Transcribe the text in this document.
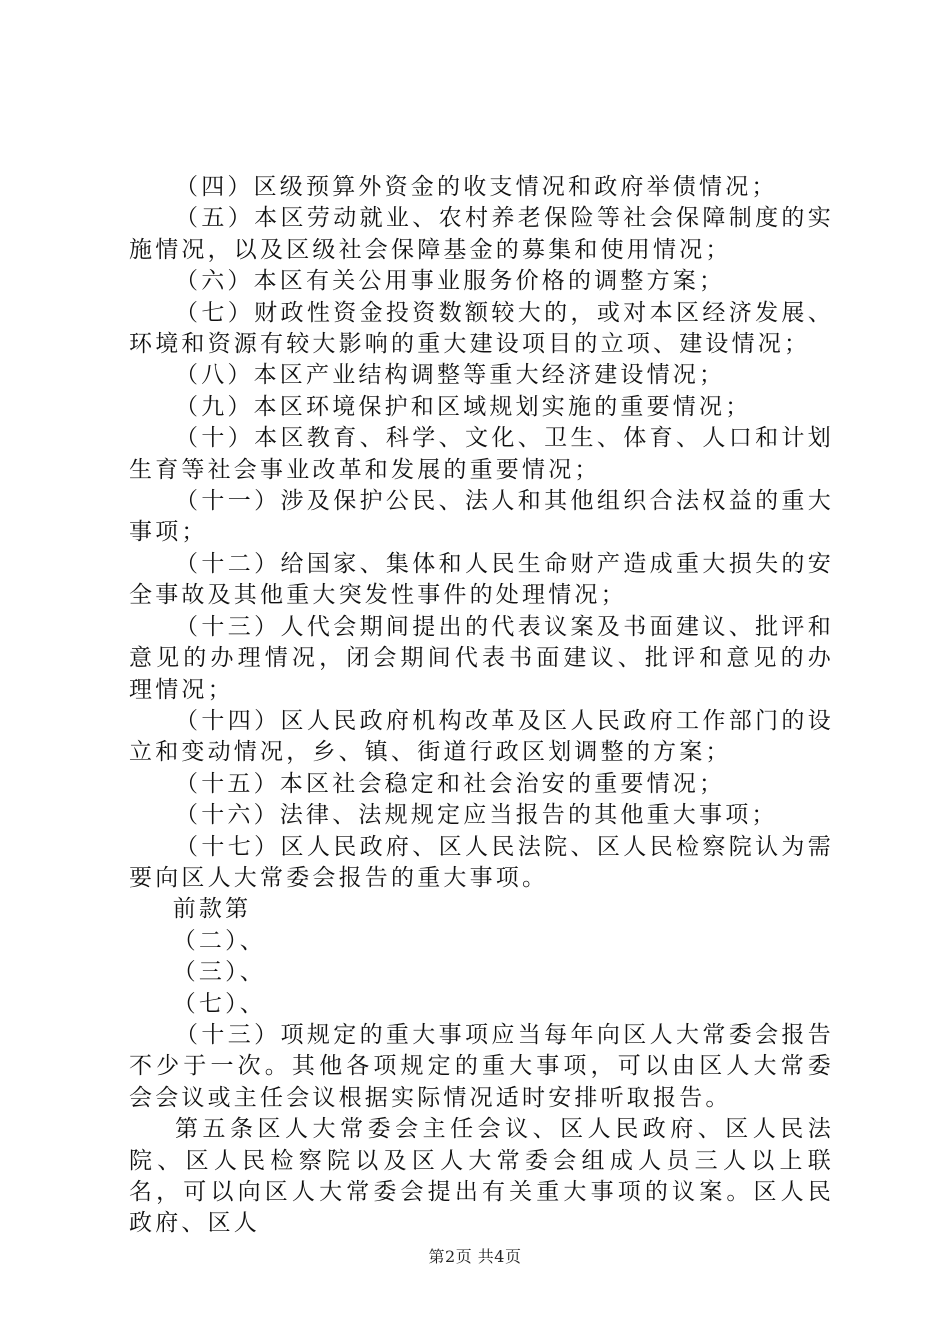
（四）区级预算外资金的收支情况和政府举债情况；

（五）本区劳动就业、农村养老保险等社会保障制度的实施情况，以及区级社会保障基金的募集和使用情况；

（六）本区有关公用事业服务价格的调整方案；

（七）财政性资金投资数额较大的，或对本区经济发展、环境和资源有较大影响的重大建设项目的立项、建设情况；

（八）本区产业结构调整等重大经济建设情况；

（九）本区环境保护和区域规划实施的重要情况；

（十）本区教育、科学、文化、卫生、体育、人口和计划生育等社会事业改革和发展的重要情况；

（十一）涉及保护公民、法人和其他组织合法权益的重大事项；

（十二）给国家、集体和人民生命财产造成重大损失的安全事故及其他重大突发性事件的处理情况；

（十三）人代会期间提出的代表议案及书面建议、批评和意见的办理情况，闭会期间代表书面建议、批评和意见的办理情况；

（十四）区人民政府机构改革及区人民政府工作部门的设立和变动情况，乡、镇、街道行政区划调整的方案；

（十五）本区社会稳定和社会治安的重要情况；

（十六）法律、法规规定应当报告的其他重大事项；

（十七）区人民政府、区人民法院、区人民检察院认为需要向区人大常委会报告的重大事项。

前款第

（二）、

（三）、

（七）、

（十三）项规定的重大事项应当每年向区人大常委会报告不少于一次。其他各项规定的重大事项，可以由区人大常委会会议或主任会议根据实际情况适时安排听取报告。

第五条区人大常委会主任会议、区人民政府、区人民法院、区人民检察院以及区人大常委会组成人员三人以上联名，可以向区人大常委会提出有关重大事项的议案。区人民政府、区人

第2页 共4页
